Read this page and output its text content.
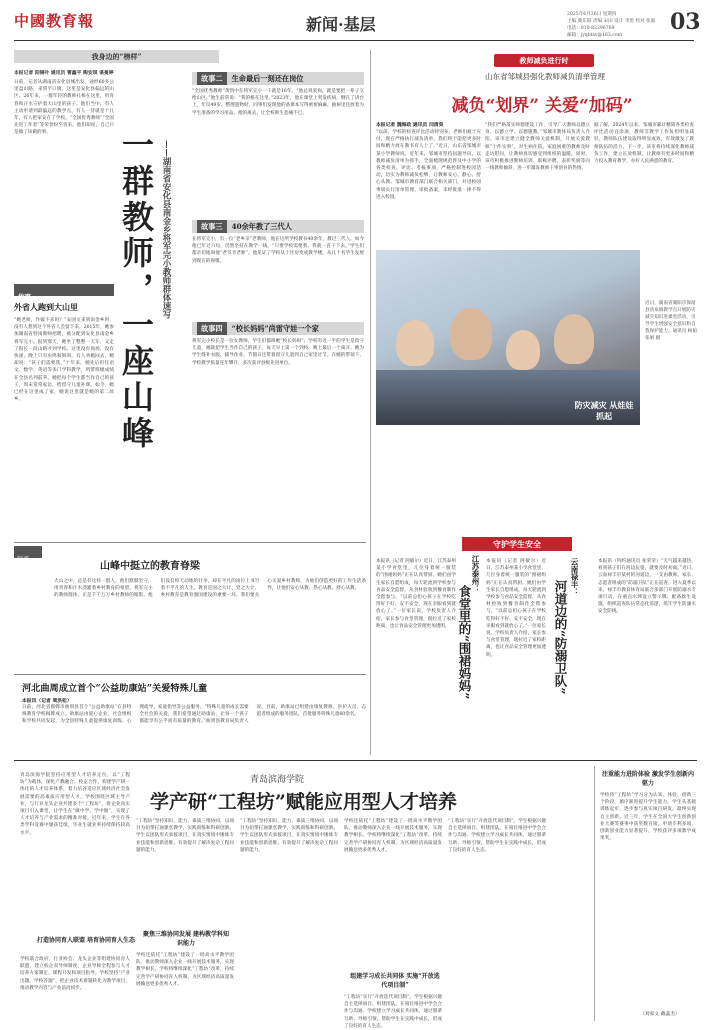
中國教育報	新闻·基层
2025年6月26日 星期四
主编 冀东阳 责编 宋田 设计 李黑 校对 张毅
电话：010-82296769
邮箱：jyqbtsv@163.com
03
我身边的“榜样”
本报记者 阳锡叶 通讯员 曹鑫平 陶安琪 谌曼婷

日前，记者从湖南省安化县城出发，途经60多公里盘山路，来到平口镇，这里是安化县偏远的山区。26年来，一群年轻的教师扎根在这里，用青春和汗水守护着大山里的孩子。他们当中，有人主动申请到最偏远的教学点，有人一待就是十几年，有人把家安在了学校。“全国优秀教师”“全国先进工作者”等荣誉纷至沓来，他们却说，自己只是做了该做的事。	一群教师，一座山峰 ——湖南省安化县南金乡将军完小教师群体速写
故事一
外省人跑到大山里

“她老师，作嫁不来吗？”安国文来到南金乡时，没有人想到这个外省人会留下来。2015年，她参加湖南省特岗教师招聘，被分配到安化县南金乡将军完小。报到那天，她坐了整整一天车，又走了很长一段山路才到学校。这里没有商场，没有快递，晚上只有虫鸣和狗叫。有人劝她回去，她却说：“孩子们需要我。”十年来，她先后担任语文、数学、英语等多门学科教学，所带班级成绩在全县名列前茅。她把每个学生都当作自己的孩子，周末常常家访，给留守儿童补课。如今，她已经在这里成了家，她说这里就是她的第二故乡。

故事二 生命最后一刻还在岗位

“全国优秀教师”黄凯中在将军完小一干就是16年。“他总说爱岗，就是要把一辈子交给山区。”他生前常说：“我的根在这里。”2023年，他在课堂上突发疾病，倒在了讲台上，年仅49岁。整理遗物时，同事们发现他的备课本写得密密麻麻，抽屉里还放着为学生准备的学习用品。他的离去，让全校师生悲痛不已。

故事三 40余年教了三代人

在将军完小，有一位“老乡亲”老教师，他在这所学校教书40余年，教过三代人。如今他已年过六旬，仍然坚持在教学一线。“只要学校需要我，我就一直干下去。”学生们都亲切地叫他“老爷爷老师”。他见证了学校从土坯房变成教学楼，从几十名学生发展到现在的规模。

故事四 “校长妈妈”尚雷守娃一个家

将军完小校长是一位女教师，学生们都叫她“校长妈妈”。学校有近一半的学生是留守儿童，她就把学生当作自己的孩子，每天早上第一个到校，晚上最后一个离开。她为学生缝补衣服、辅导作业，节假日还带着留守儿童到自己家里过节。在她的带领下，学校教学质量连年攀升，多次获评县级先进单位。

短评
山峰中挺立的教育脊梁

大山之中，总是有这样一群人，他们默默坚守，用青春和汗水浇灌着乡村教育的希望。将军完小的教师群体，正是千千万万乡村教师的缩影。他们没有惊天动地的壮举，却在平凡的岗位上书写着不平凡的人生。教育是国之大计、党之大计，乡村教育是教育强国建设的重要一环。我们要关心关爱乡村教师，为他们创造更好的工作生活条件，让他们安心从教、热心从教、舒心从教。

河北曲周成立首个“公益助康站”关爱特殊儿童
本报讯（记者 周洪松）

日前，河北省邯郸市曲周县首个“公益助康站”在县特殊教育学校揭牌成立。助康站由爱心企业、社会组织和学校共同发起，为全县特殊儿童提供康复训练、心理疏导、家庭指导等公益服务。“特殊儿童的成长需要全社会的关爱，我们希望通过助康站，让每一个孩子都能享有公平而有质量的教育。”曲周县教育局负责人说。目前，助康站已组建由康复教师、医护人员、志愿者组成的服务团队，首批服务特殊儿童60余名。

教师减负进行时
山东省邹城县强化教师减负清单管理
减负“划界” 关爱“加码”
本报记者 魏海政 通讯员 闫清昊

“以前，学校的检查评比活动特别多，老师们疲于应付，现在严格执行减负清单，我们终于能把更多时间和精力放在教书育人上了。”近日，山东省邹城市某小学教师说。近年来，邹城市坚持问题导向，以教师减负清单为抓手，全面梳理规范涉及中小学的各类检查、评比、考核事项，严格控制进校园活动，切实为教师减负松绑，让教师安心、静心、舒心从教。邹城市教育部门联合相关部门，对进校园事项实行清单管理、审批备案，未经批准一律不得进入校园。

“我们严格落实师德建设工作，引导广大教师以德立身、以德立学、以德施教。”邹城市教体局负责人介绍。该市还建立健全教师关爱机制，开展关爱教师“十件实事”，对生病住院、家庭困难的教师及时走访慰问，让教师真切感受到组织的温暖。同时，该市积极推进教师培训、职称评聘、表彰奖励等向一线教师倾斜，进一步激发教师干事创业的热情。

据了解，2024年以来，邹城市累计精简各类检查评比活动百余项，教师非教学工作负担明显减轻，教师队伍建设取得明显成效，有效激发了教师队伍的活力。下一步，该市将持续深化教师减负工作，建立长效机制，让教师有更多时间和精力投入教育教学，办好人民满意的教育。

防灾减灾 从娃娃抓起

近日，湖南省冀阳市保靖县清泉镇教学点开展防灾减灾知识进课堂活动，引导学生增强安全意识和自我保护能力。通讯员 杨韬 张娟 摄

守护学生安全

本报讯（记者 阿敏尔）近日，江苏泰州某小学食堂里，几位身着统一服装的“围裙妈妈”正在认真帮厨。她们由学生家长自愿组成，每天轮流到学校参与食品安全监督，从食材验收到餐食制作全程参与。“以前总担心孩子在学校吃得好不好、安不安全，现在亲眼看到就放心了。”一位家长说。学校负责人介绍，家长参与食堂管理，既拉近了家校距离，也让食品安全管理更加透明。

江苏泰州：
食堂里的“围裙妈妈”

本报讯（记者 阿敏尔）近日，江苏泰州某小学食堂里，几位身着统一服装的“围裙妈妈”正在认真帮厨。她们由学生家长自愿组成，每天轮流到学校参与食品安全监督，从食材验收到餐食制作全程参与。“以前总担心孩子在学校吃得好不好、安不安全，现在亲眼看到就放心了。”一位家长说。学校负责人介绍，家长参与食堂管理，既拉近了家校距离，也让食品安全管理更加透明。

云南禄丰：
河道边的“防溺卫队”

本报讯（特约通讯员 张荣荣）“天气越来越热，看到孩子们在河边玩耍，就要及时劝离。”近日，云南禄丰市某村的河道边，一支由教师、家长、志愿者组成的“防溺卫队”正在巡查。进入夏季以来，禄丰市教育体育局联合多部门开展防溺水专项行动，在重点水域设立警示牌、配备救生设施，组织巡查队伍常态化巡逻，筑牢学生防溺水安全防线。

青岛滨海学院
学产研“工程坊”赋能应用型人才培养

青岛滨海学院坚持应用型人才培养定位，以“工程坊”为载体，深化产教融合、校企合作，构建学产研一体化的人才培养体系，着力培养适应区域经济社会发展需要的高素质应用型人才。学校围绕区域主导产业，与行业龙头企业共建多个“工程坊”，将企业真实项目引入课堂，让学生在“做中学、学中做”，实现了人才培养与产业需求的精准对接。近年来，学生在各类学科竞赛中屡获佳绩，毕业生就业率持续保持较高水平。

打造协同育人联盟 培育协同育人生态

学校联合政府、行业协会、龙头企业等组建协同育人联盟，建立校企双导师制度，企业导师全程参与人才培养方案制定、课程开发和项目指导。学校坚持“产业出题、学校答题”，把企业技术难题转化为教学项目，推动教学内容与产业前沿同步。

“工程坊”坚持知识、能力、素质三维协同，以项目为纽带打通课堂教学、实践训练和科研创新。学生以团队形式承接项目，在真实情境中锤炼专业技能和创新思维，有效提升了解决复杂工程问题的能力。

聚焦三维协同发展 建构教学科知识能力

学校还依托“工程坊”建设了一批高水平教学团队，推动教师深入企业一线开展技术服务，实现教学相长。学校将继续深化“工程坊”改革，持续完善学产研协同育人机制，为区域经济高质量发展输送更多优秀人才。

“工程坊”坚持知识、能力、素质三维协同，以项目为纽带打通课堂教学、实践训练和科研创新。学生以团队形式承接项目，在真实情境中锤炼专业技能和创新思维，有效提升了解决复杂工程问题的能力。

学校还依托“工程坊”建设了一批高水平教学团队，推动教师深入企业一线开展技术服务，实现教学相长。学校将继续深化“工程坊”改革，持续完善学产研协同育人机制，为区域经济高质量发展输送更多优秀人才。

组建学习成长共同体 实施“开放选代项目制”

“工程坊”实行“开放选代项目制”，学生根据兴趣自主选择项目、组建团队，在项目推进中学会合作与沟通。学校建立学习成长共同体，通过朋辈互助、导师引领，帮助学生在实践中成长，形成了良好的育人生态。

“工程坊”实行“开放选代项目制”，学生根据兴趣自主选择项目、组建团队，在项目推进中学会合作与沟通。学校建立学习成长共同体，通过朋辈互助、导师引领，帮助学生在实践中成长，形成了良好的育人生态。

注重能力进阶体验 激发学生创新内驱力

学校将“工程坊”学习分为认知、体验、创新三个阶段，循序渐进提升学生能力。学生从基础训练起步，逐步参与真实项目研发，最终实现自主创新。近三年，学生在全国大学生创新创业大赛等赛事中获奖数百项，申请专利多项，创新创业能力显著提升，学校获评多项教学成果奖。

（刘家文 戴蕊杰）
